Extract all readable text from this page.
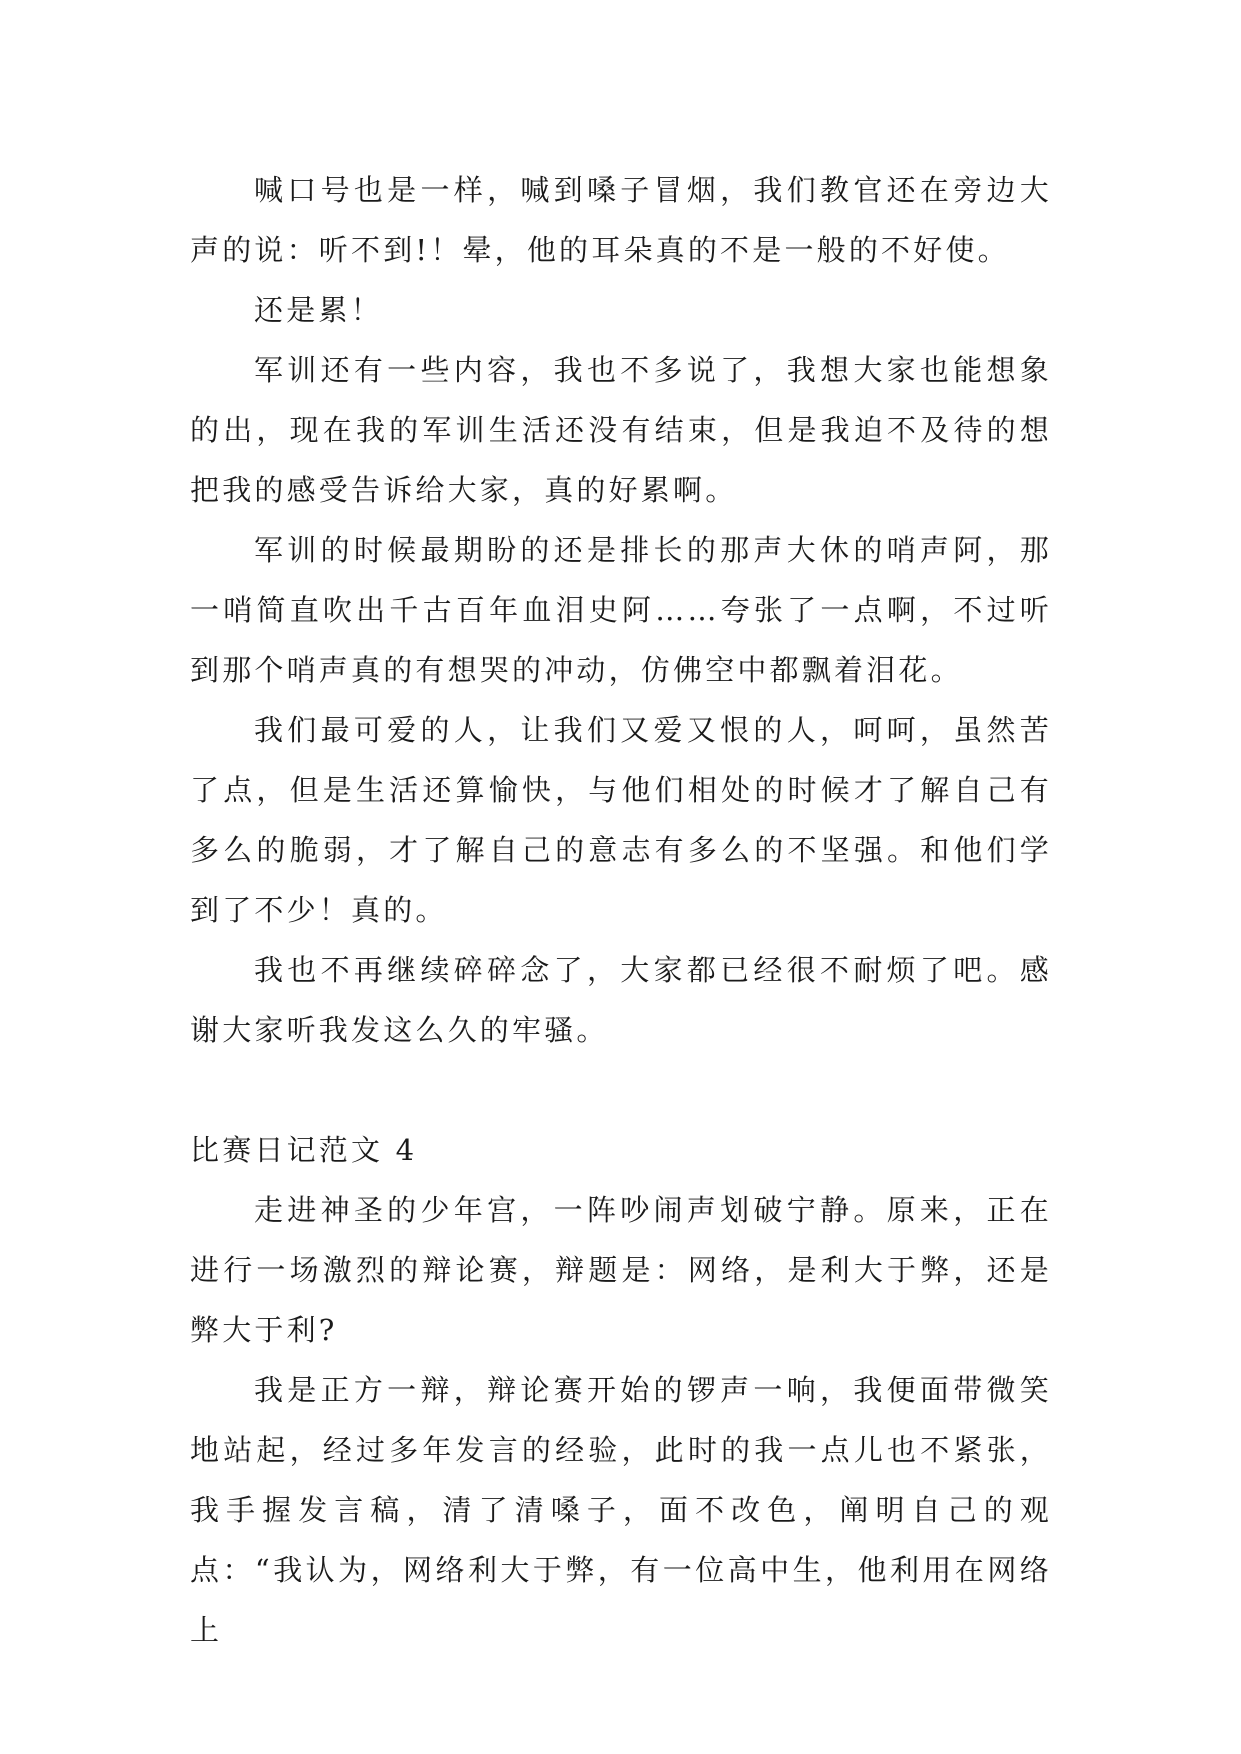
喊口号也是一样，喊到嗓子冒烟，我们教官还在旁边大声的说：听不到!！晕，他的耳朵真的不是一般的不好使。

还是累！

军训还有一些内容，我也不多说了，我想大家也能想象的出，现在我的军训生活还没有结束，但是我迫不及待的想把我的感受告诉给大家，真的好累啊。

军训的时候最期盼的还是排长的那声大休的哨声阿，那一哨简直吹出千古百年血泪史阿……夸张了一点啊，不过听到那个哨声真的有想哭的冲动，仿佛空中都飘着泪花。

我们最可爱的人，让我们又爱又恨的人，呵呵，虽然苦了点，但是生活还算愉快，与他们相处的时候才了解自己有多么的脆弱，才了解自己的意志有多么的不坚强。和他们学到了不少！真的。

我也不再继续碎碎念了，大家都已经很不耐烦了吧。感谢大家听我发这么久的牢骚。

比赛日记范文 4

走进神圣的少年宫，一阵吵闹声划破宁静。原来，正在进行一场激烈的辩论赛，辩题是：网络，是利大于弊，还是弊大于利?

我是正方一辩，辩论赛开始的锣声一响，我便面带微笑地站起，经过多年发言的经验，此时的我一点儿也不紧张，我手握发言稿，清了清嗓子，面不改色，阐明自己的观点：“我认为，网络利大于弊，有一位高中生，他利用在网络上
